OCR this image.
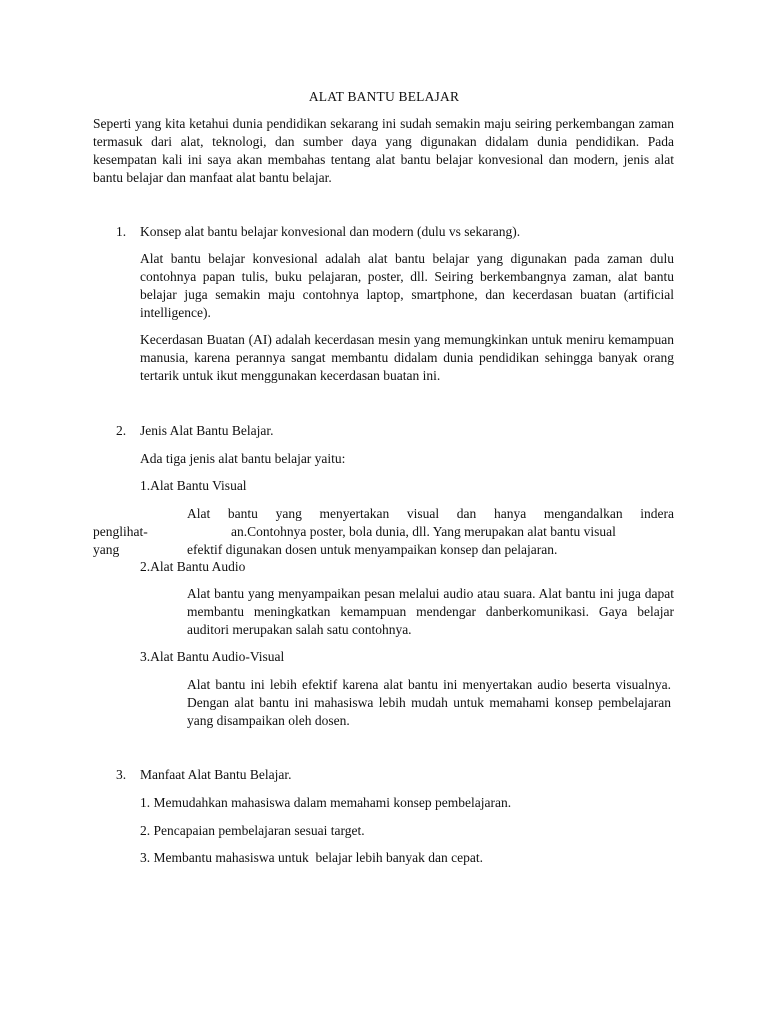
ALAT BANTU BELAJAR
Seperti yang kita ketahui dunia pendidikan sekarang ini sudah semakin maju seiring perkembangan zaman termasuk dari alat, teknologi, dan sumber daya yang digunakan didalam dunia pendidikan. Pada kesempatan kali ini saya akan membahas tentang alat bantu belajar konvesional dan modern, jenis alat bantu belajar dan manfaat alat bantu belajar.
1. Konsep alat bantu belajar konvesional dan modern (dulu vs sekarang).
Alat bantu belajar konvesional adalah alat bantu belajar yang digunakan pada zaman dulu contohnya papan tulis, buku pelajaran, poster, dll. Seiring berkembangnya zaman, alat bantu belajar juga semakin maju contohnya laptop, smartphone, dan kecerdasan buatan (artificial intelligence).
Kecerdasan Buatan (AI) adalah kecerdasan mesin yang memungkinkan untuk meniru kemampuan manusia, karena perannya sangat membantu didalam dunia pendidikan sehingga banyak orang tertarik untuk ikut menggunakan kecerdasan buatan ini.
2. Jenis Alat Bantu Belajar.
Ada tiga jenis alat bantu belajar yaitu:
1.Alat Bantu Visual
Alat bantu yang menyertakan visual dan hanya mengandalkan indera
penglihat-	an.Contohnya poster, bola dunia, dll. Yang merupakan alat bantu visual
yang	efektif digunakan dosen untuk menyampaikan konsep dan pelajaran.
2.Alat Bantu Audio
Alat bantu yang menyampaikan pesan melalui audio atau suara. Alat bantu ini juga dapat membantu meningkatkan kemampuan mendengar danberkomunikasi. Gaya belajar auditori merupakan salah satu contohnya.
3.Alat Bantu Audio-Visual
Alat bantu ini lebih efektif karena alat bantu ini menyertakan audio beserta visualnya. Dengan alat bantu ini mahasiswa lebih mudah untuk memahami konsep pembelajaran yang disampaikan oleh dosen.
3. Manfaat Alat Bantu Belajar.
1. Memudahkan mahasiswa dalam memahami konsep pembelajaran.
2. Pencapaian pembelajaran sesuai target.
3. Membantu mahasiswa untuk  belajar lebih banyak dan cepat.
